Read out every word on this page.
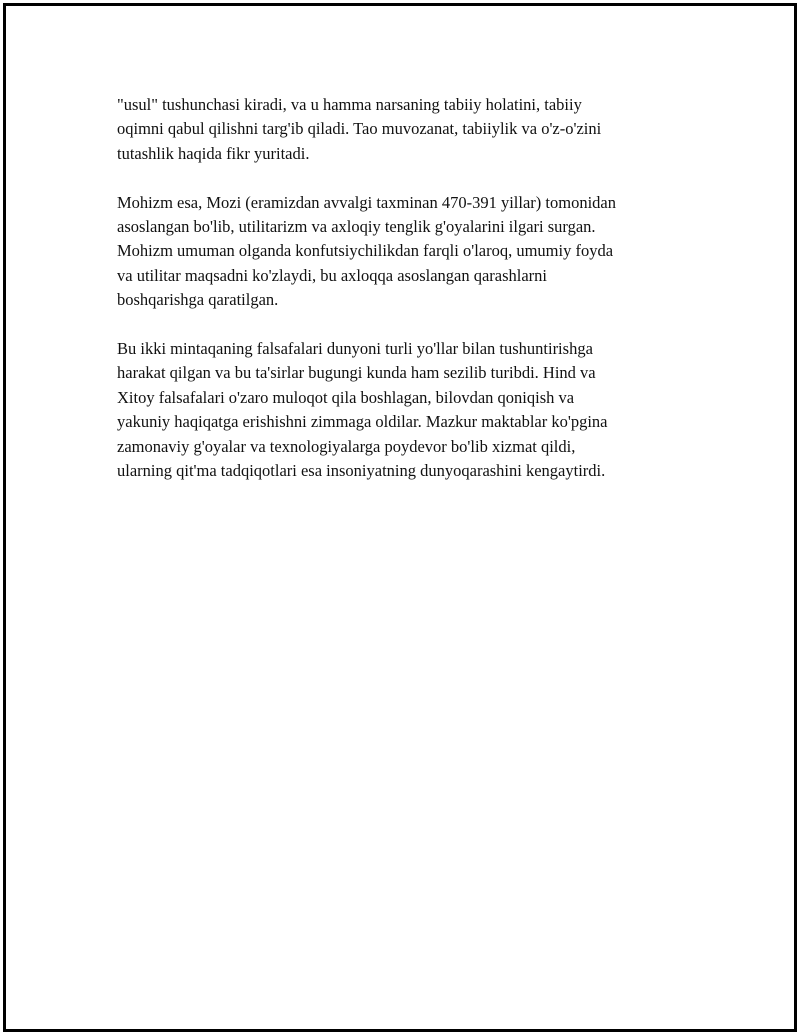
"usul" tushunchasi kiradi, va u hamma narsaning tabiiy holatini, tabiiy
oqimni qabul qilishni targ'ib qiladi. Tao muvozanat, tabiiylik va o'z-o'zini
tutashlik haqida fikr yuritadi.

Mohizm esa, Mozi (eramizdan avvalgi taxminan 470-391 yillar) tomonidan
asoslangan bo'lib, utilitarizm va axloqiy tenglik g'oyalarini ilgari surgan.
Mohizm umuman olganda konfutsiychilikdan farqli o'laroq, umumiy foyda
va utilitar maqsadni ko'zlaydi, bu axloqqa asoslangan qarashlarni
boshqarishga qaratilgan.

Bu ikki mintaqaning falsafalari dunyoni turli yo'llar bilan tushuntirishga
harakat qilgan va bu ta'sirlar bugungi kunda ham sezilib turibdi. Hind va
Xitoy falsafalari o'zaro muloqot qila boshlagan, bilovdan qoniqish va
yakuniy haqiqatga erishishni zimmaga oldilar. Mazkur maktablar ko'pgina
zamonaviy g'oyalar va texnologiyalarga poydevor bo'lib xizmat qildi,
ularning qit'ma tadqiqotlari esa insoniyatning dunyoqarashini kengaytirdi.
